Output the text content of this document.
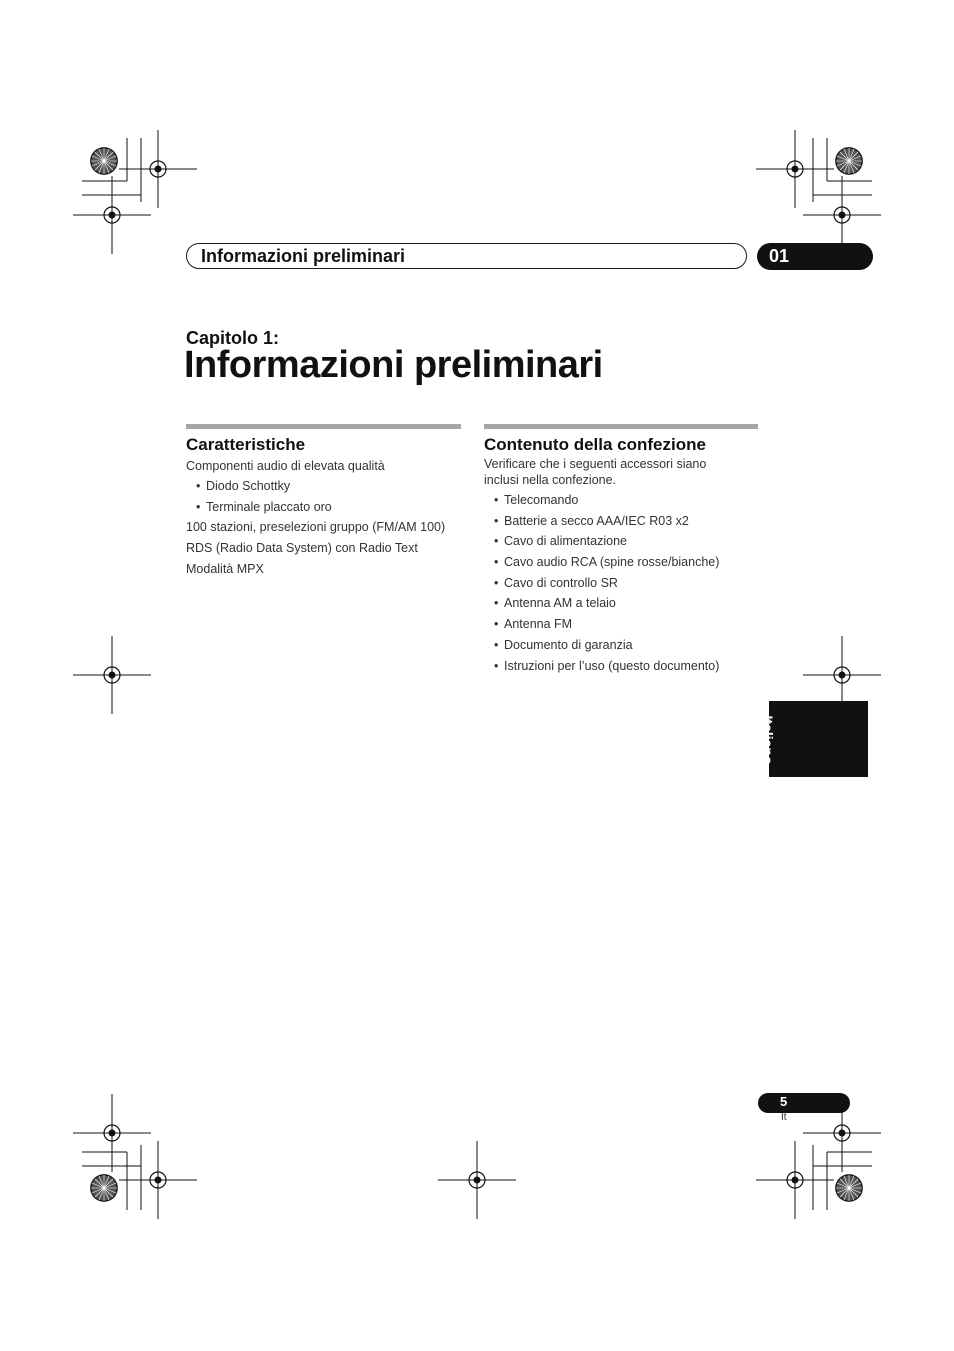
Informazioni preliminari	01
Capitolo 1:
Informazioni preliminari
Caratteristiche
Componenti audio di elevata qualità
• Diodo Schottky
• Terminale placcato oro
100 stazioni, preselezioni gruppo (FM/AM 100)
RDS (Radio Data System) con Radio Text
Modalità MPX
Contenuto della confezione
Verificare che i seguenti accessori siano inclusi nella confezione.
• Telecomando
• Batterie a secco AAA/IEC R03 x2
• Cavo di alimentazione
• Cavo audio RCA (spine rosse/bianche)
• Cavo di controllo SR
• Antenna AM a telaio
• Antenna FM
• Documento di garanzia
• Istruzioni per l’uso (questo documento)
Italiano
5
It
